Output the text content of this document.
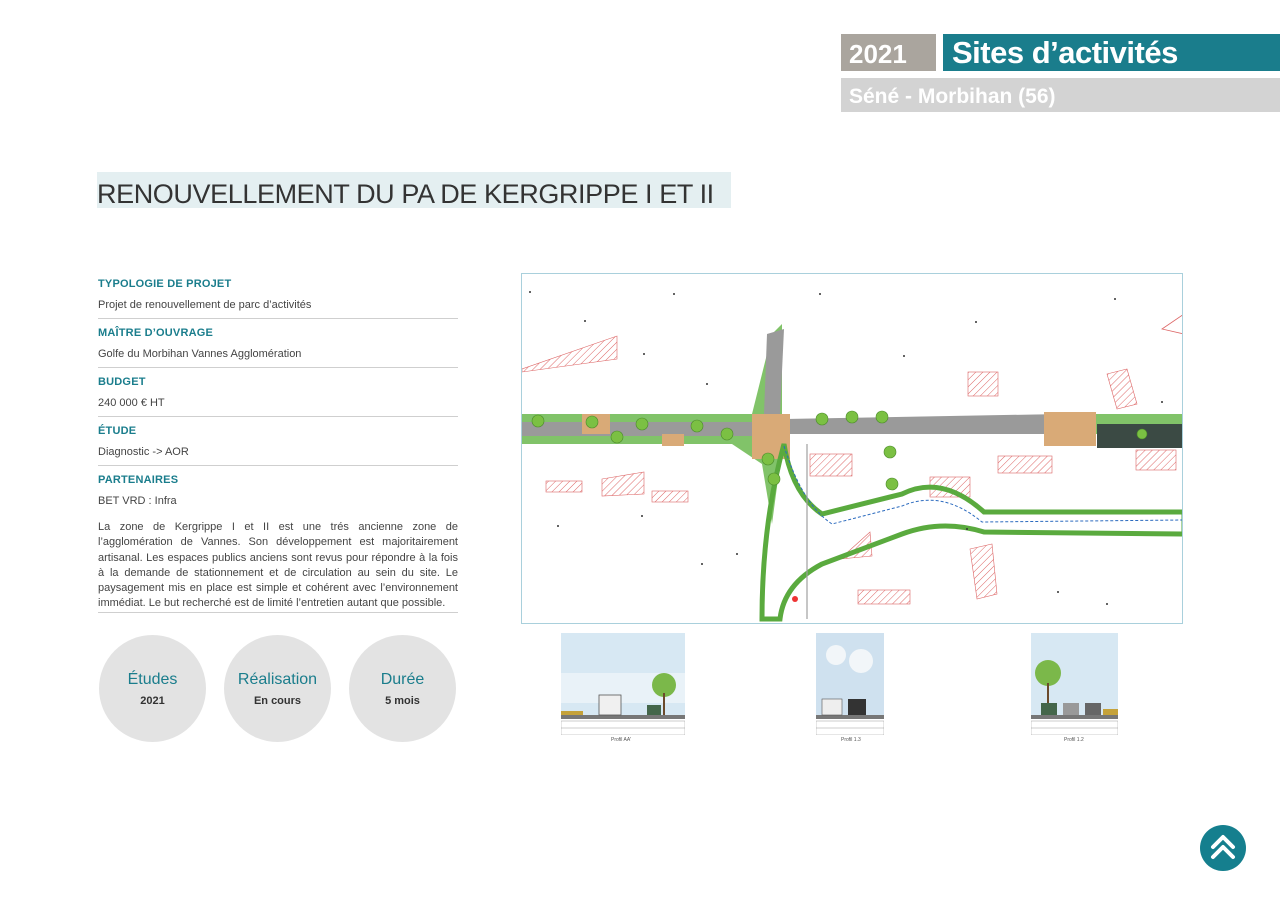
2021	Sites d’activités
Séné - Morbihan (56)
RENOUVELLEMENT DU PA DE KERGRIPPE I ET II
TYPOLOGIE DE PROJET
Projet de renouvellement de parc d’activités
MAÎTRE D’OUVRAGE
Golfe du Morbihan Vannes Agglomération
BUDGET
240 000 € HT
ÉTUDE
Diagnostic -> AOR
PARTENAIRES
BET VRD : Infra
La zone de Kergrippe I et II est une trés ancienne zone de l’agglomération de Vannes. Son développement est majoritairement artisanal. Les espaces publics anciens sont revus pour répondre à la fois à la demande de stationnement et de circulation au sein du site. Le paysagement mis en place est simple et cohérent avec l’environnement immédiat. Le but recherché est de limité l’entretien autant que possible.
Études
2021
Réalisation
En cours
Durée
5 mois
Profil AA'	Profil 1.3	Profil 1.2
